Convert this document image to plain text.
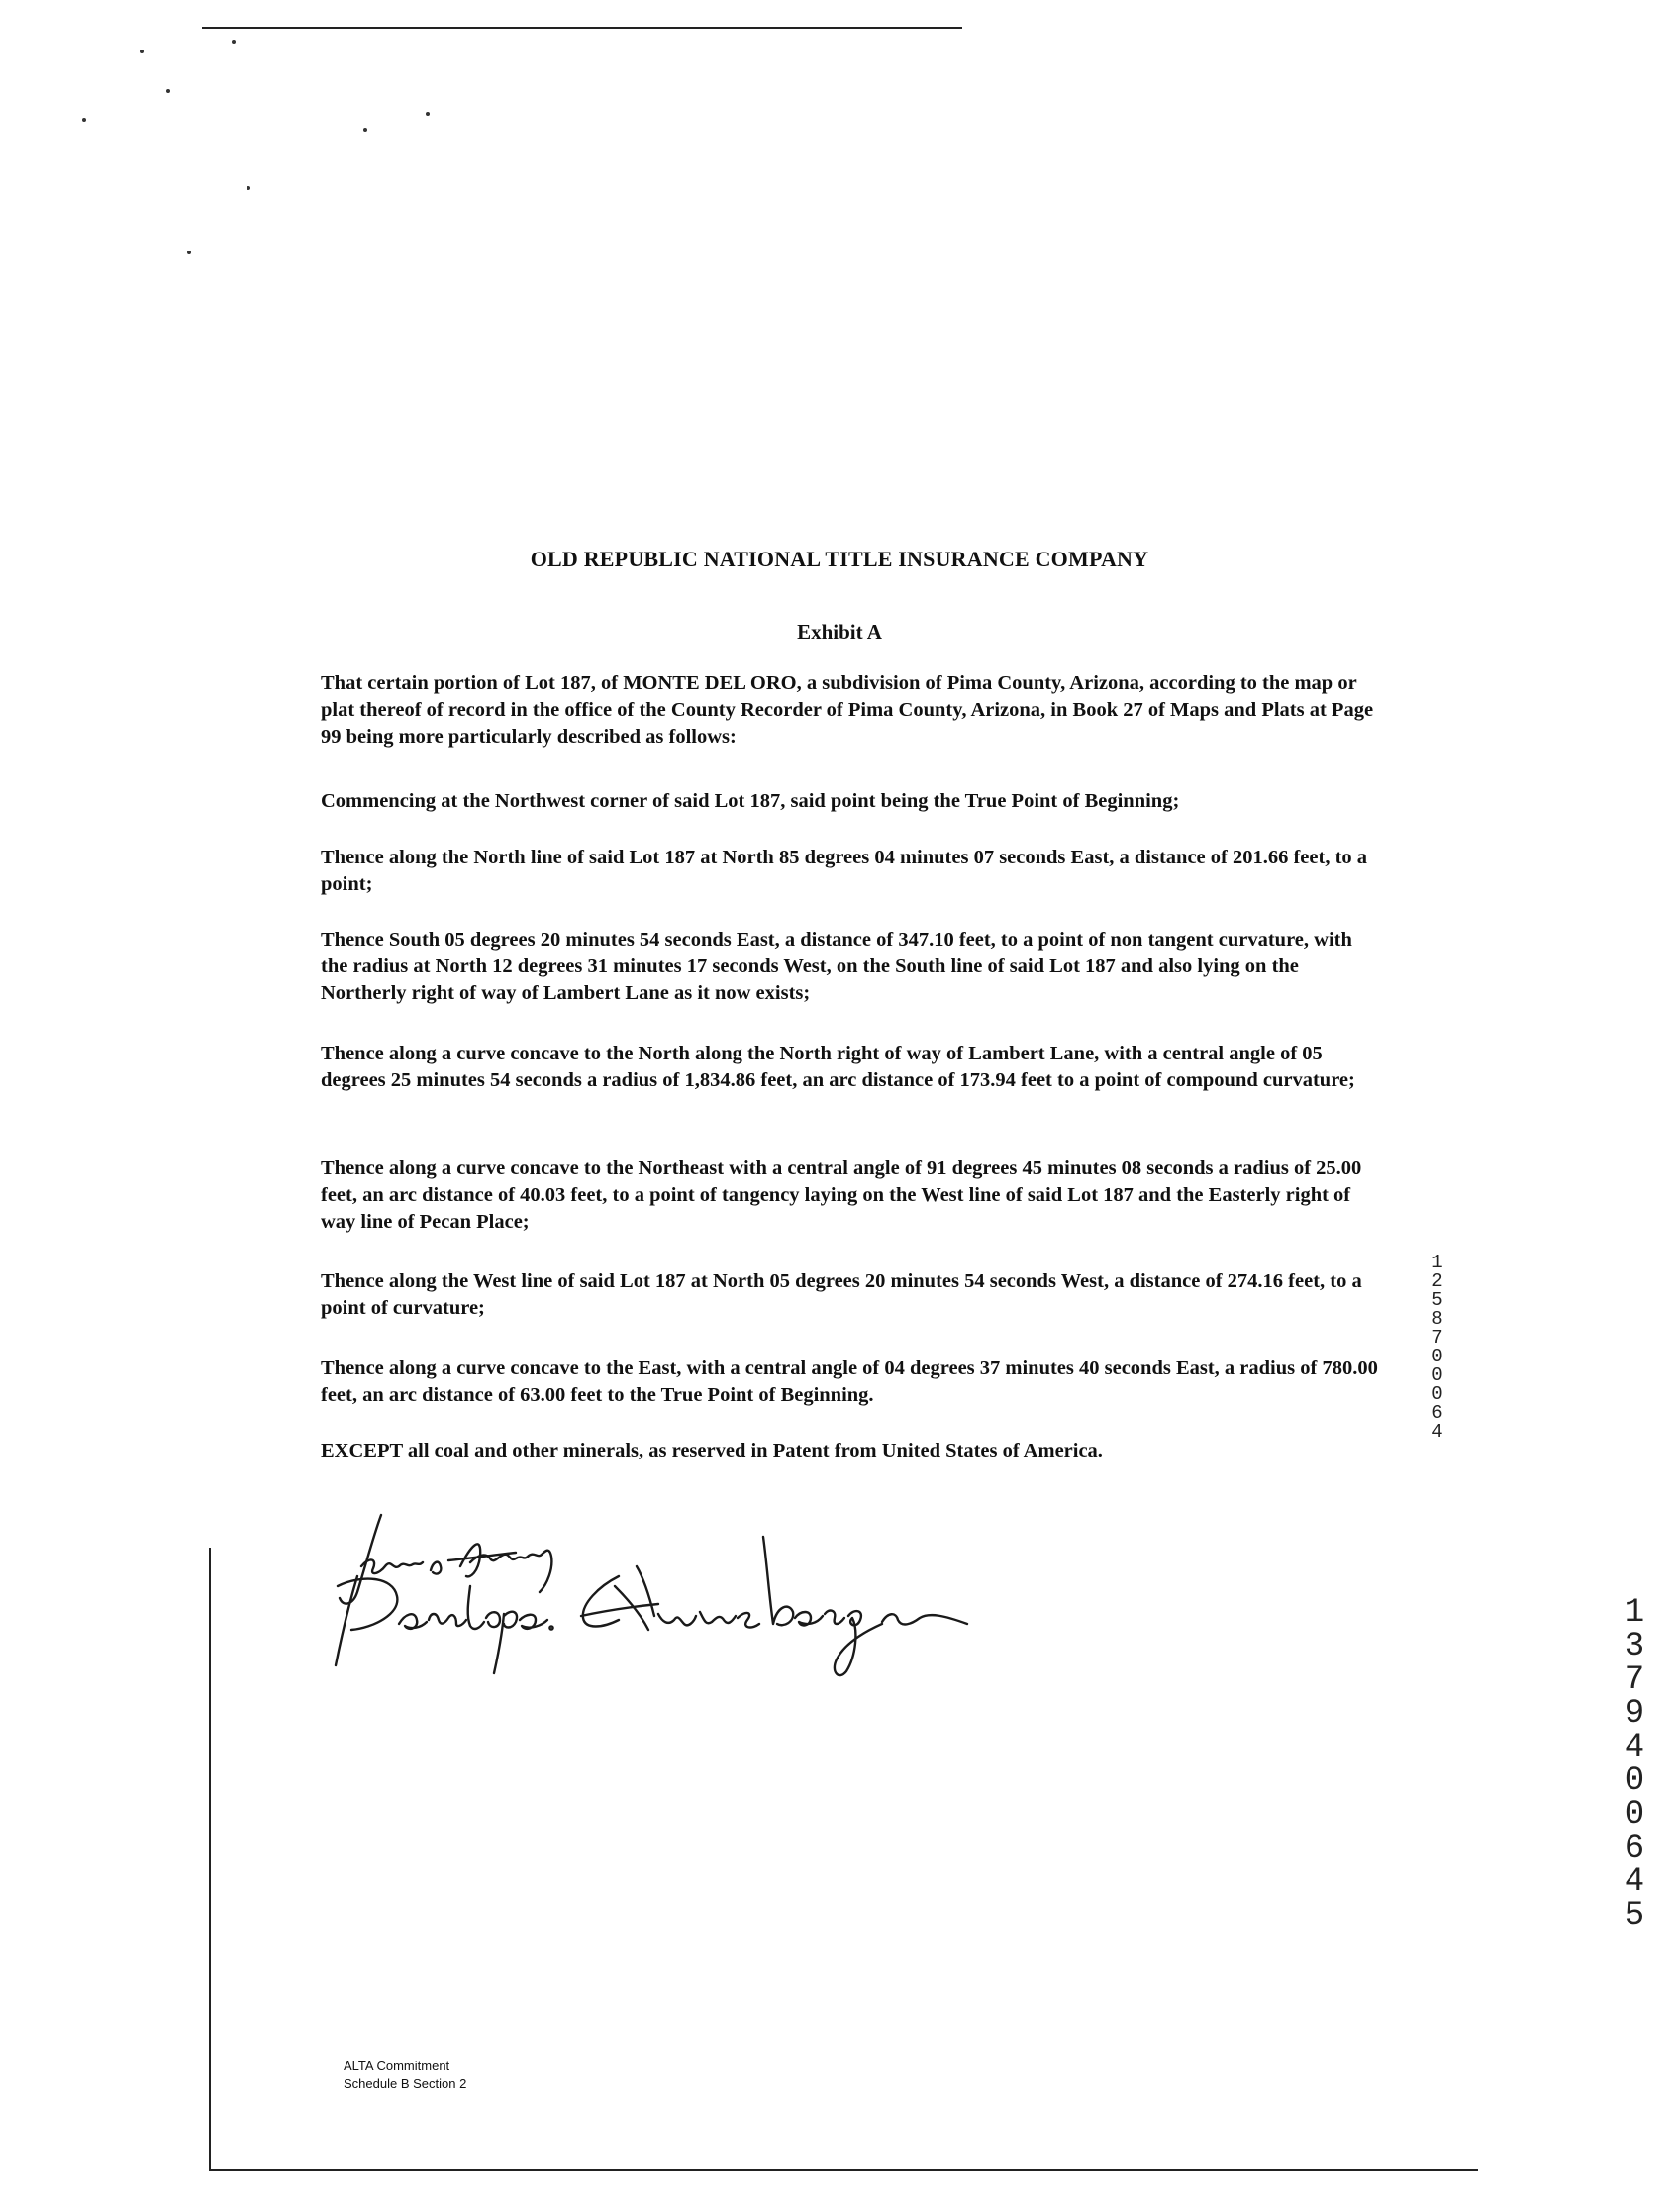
OLD REPUBLIC NATIONAL TITLE INSURANCE COMPANY
Exhibit A

That certain portion of Lot 187, of MONTE DEL ORO, a subdivision of Pima County, Arizona, according to the map or plat thereof of record in the office of the County Recorder of Pima County, Arizona, in Book 27 of Maps and Plats at Page 99 being more particularly described as follows:

Commencing at the Northwest corner of said Lot 187, said point being the True Point of Beginning;

Thence along the North line of said Lot 187 at North 85 degrees 04 minutes 07 seconds East, a distance of 201.66 feet, to a point;

Thence South 05 degrees 20 minutes 54 seconds East, a distance of 347.10 feet, to a point of non tangent curvature, with the radius at North 12 degrees 31 minutes 17 seconds West, on the South line of said Lot 187 and also lying on the Northerly right of way of Lambert Lane as it now exists;

Thence along a curve concave to the North along the North right of way of Lambert Lane, with a central angle of 05 degrees 25 minutes 54 seconds a radius of 1,834.86 feet, an arc distance of 173.94 feet to a point of compound curvature;

Thence along a curve concave to the Northeast with a central angle of 91 degrees 45 minutes 08 seconds a radius of 25.00 feet, an arc distance of 40.03 feet, to a point of tangency laying on the West line of said Lot 187 and the Easterly right of way line of Pecan Place;

Thence along the West line of said Lot 187 at North 05 degrees 20 minutes 54 seconds West, a distance of 274.16 feet, to a point of curvature;

Thence along a curve concave to the East, with a central angle of 04 degrees 37 minutes 40 seconds East, a radius of 780.00 feet, an arc distance of 63.00 feet to the True Point of Beginning.

EXCEPT all coal and other minerals, as reserved in Patent from United States of America.

1
2
5
8
7
0
0
0
6
4
1
3
7
9
4
0
0
6
4
5
ALTA Commitment
Schedule B Section 2
